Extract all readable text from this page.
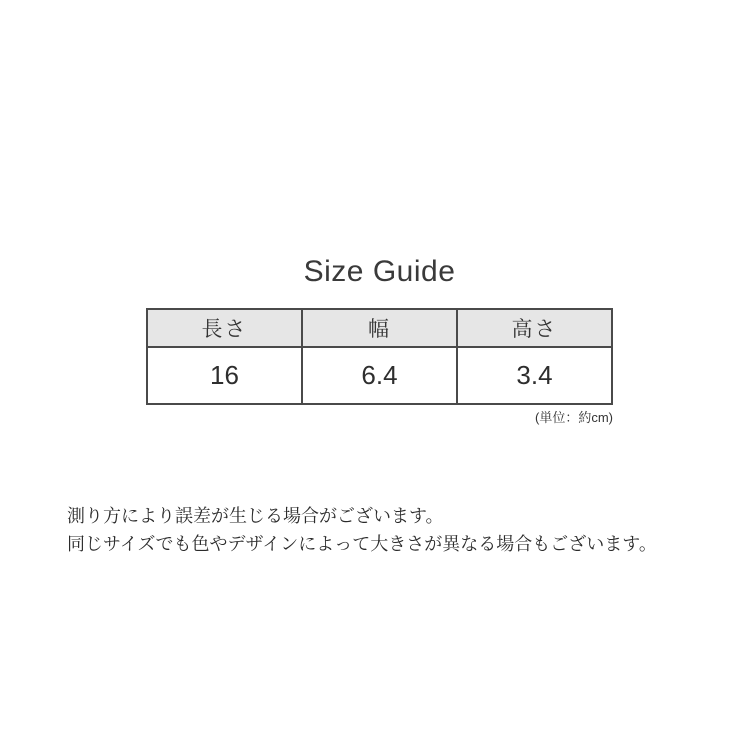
Size Guide
長さ	幅	高さ
16	6.4	3.4
(単位：約cm)

測り方により誤差が生じる場合がございます。

同じサイズでも色やデザインによって大きさが異なる場合もございます。
